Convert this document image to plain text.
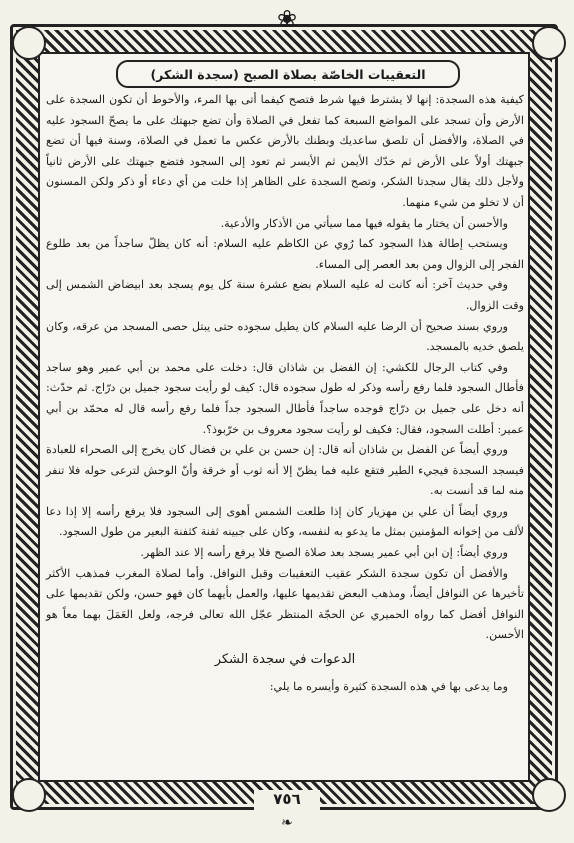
❀
التعقيبات الخاصّة بصلاة الصبح (سجدة الشكر)

كيفية هذه السجدة: إنها لا يشترط فيها شرط فتصح كيفما أتى بها المرء، والأحوط أن تكون السجدة على الأرض وأن تسجد على المواضع السبعة كما تفعل في الصلاة وأن تضع جبهتك على ما يصحّ السجود عليه في الصلاة، والأفضل أن تلصق ساعديك وبطنك بالأرض عكس ما تعمل في الصلاة، وسنة فيها أن تضع جبهتك أولاً على الأرض ثم خدّك الأيمن ثم الأيسر ثم تعود إلى السجود فتضع جبهتك على الأرض ثانياً ولأجل ذلك يقال سجدتا الشكر، وتصح السجدة على الظاهر إذا خلت من أي دعاء أو ذكر ولكن المسنون أن لا تخلو من شيء منهما.

والأحسن أن يختار ما يقوله فيها مما سيأتي من الأذكار والأدعية.

ويستحب إطالة هذا السجود كما رُوي عن الكاظم عليه السلام: أنه كان يظلّ ساجداً من بعد طلوع الفجر إلى الزوال ومن بعد العصر إلى المساء.

وفي حديث آخر: أنه كانت له عليه السلام بضع عشرة سنة كل يوم يسجد بعد ابيضاض الشمس إلى وقت الزوال.

وروي بسند صحيح أن الرضا عليه السلام كان يطيل سجوده حتى يبتل حصى المسجد من عرقه، وكان يلصق خديه بالمسجد.

وفي كتاب الرجال للكشي: إن الفضل بن شاذان قال: دخلت على محمد بن أبي عمير وهو ساجد فأطال السجود فلما رفع رأسه وذكر له طول سجوده قال: كيف لو رأيت سجود جميل بن درّاج. ثم حدّث: أنه دخل على جميل بن درّاج فوجده ساجداً فأطال السجود جداً فلما رفع رأسه قال له محمّد بن أبي عمير: أطلت السجود، فقال: فكيف لو رأيت سجود معروف بن خرّبوذ؟.

وروي أيضاً عن الفضل بن شاذان أنه قال: إن حسن بن علي بن فضال كان يخرج إلى الصحراء للعبادة فيسجد السجدة فيجيء الطير فتقع عليه فما يظنّ إلا أنه ثوب أو خرقة وأنّ الوحش لترعى حوله فلا تنفر منه لما قد أنست به.

وروي أيضاً أن علي بن مهزيار كان إذا طلعت الشمس أهوى إلى السجود فلا يرفع رأسه إلا إذا دعا لألف من إخوانه المؤمنين بمثل ما يدعو به لنفسه، وكان على جبينه ثفنة كثفنة البعير من طول السجود.

وروي أيضاً: إن ابن أبي عمير يسجد بعد صلاة الصبح فلا يرفع رأسه إلا عند الظهر.

والأفضل أن تكون سجدة الشكر عقيب التعقيبات وقبل النوافل. وأما لصلاة المغرب فمذهب الأكثر تأخيرها عن النوافل أيضاً، ومذهب البعض تقديمها عليها، والعمل بأيهما كان فهو حسن، ولكن تقديمها على النوافل أفضل كما رواه الحميري عن الحجّة المنتظر عجّل الله تعالى فرجه، ولعل العَمَلَ بهما معاً هو الأحسن.

الدعوات في سجدة الشكر

وما يدعى بها في هذه السجدة كثيرة وأيسره ما يلي:

٧٥٦
❧
